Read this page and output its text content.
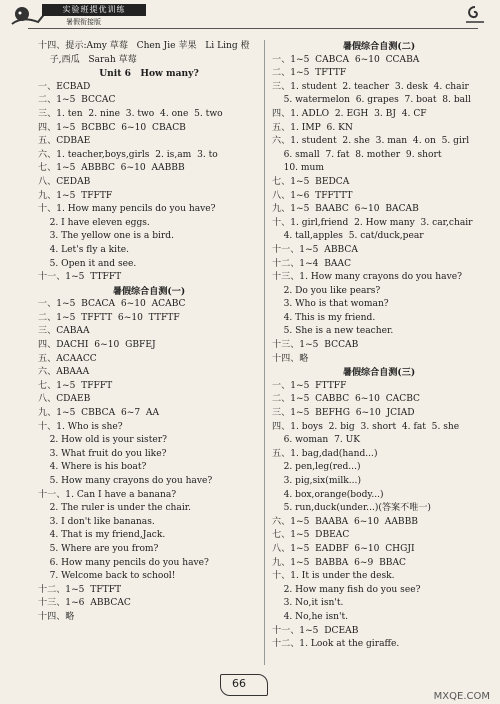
实验班提优训练
暑假衔接版
十四、提示:Amy 草莓   Chen Jie 苹果   Li Ling 橙
子,西瓜   Sarah 草莓
Unit 6   How many?
一、ECBAD
二、1~5  BCCAC
三、1. ten  2. nine  3. two  4. one  5. two
四、1~5  BCBBC  6~10  CBACB
五、CDBAE
六、1. teacher,boys,girls  2. is,am  3. to
七、1~5  ABBBC  6~10  AABBB
八、CEDAB
九、1~5  TFFTF
十、1. How many pencils do you have?
2. I have eleven eggs.
3. The yellow one is a bird.
4. Let's fly a kite.
5. Open it and see.
十一、1~5  TTFFT
暑假综合自测(一)
一、1~5  BCACA  6~10  ACABC
二、1~5  TFFTT  6~10  TTFTF
三、CABAA
四、DACHI  6~10  GBFEJ
五、ACAACC
六、ABAAA
七、1~5  TFFFT
八、CDAEB
九、1~5  CBBCA  6~7  AA
十、1. Who is she?
2. How old is your sister?
3. What fruit do you like?
4. Where is his boat?
5. How many crayons do you have?
十一、1. Can I have a banana?
2. The ruler is under the chair.
3. I don't like bananas.
4. That is my friend,Jack.
5. Where are you from?
6. How many pencils do you have?
7. Welcome back to school!
十二、1~5  TFTFT
十三、1~6  ABBCAC
十四、略
暑假综合自测(二)
一、1~5  CABCA  6~10  CCABA
二、1~5  TFTTF
三、1. student  2. teacher  3. desk  4. chair
5. watermelon  6. grapes  7. boat  8. ball
四、1. ADLO  2. EGH  3. BJ  4. CF
五、1. IMP  6. KN
六、1. student  2. she  3. man  4. on  5. girl
6. small  7. fat  8. mother  9. short
10. mum
七、1~5  BEDCA
八、1~6  TFFTTT
九、1~5  BAABC  6~10  BACAB
十、1. girl,friend  2. How many  3. car,chair
4. tall,apples  5. cat/duck,pear
十一、1~5  ABBCA
十二、1~4  BAAC
十三、1. How many crayons do you have?
2. Do you like pears?
3. Who is that woman?
4. This is my friend.
5. She is a new teacher.
十三、1~5  BCCAB
十四、略
暑假综合自测(三)
一、1~5  FTTFF
二、1~5  CABBC  6~10  CACBC
三、1~5  BEFHG  6~10  JCIAD
四、1. boys  2. big  3. short  4. fat  5. she
6. woman  7. UK
五、1. bag,dad(hand...)
2. pen,leg(red...)
3. pig,six(milk...)
4. box,orange(body...)
5. run,duck(under...)(答案不唯一)
六、1~5  BAABA  6~10  AABBB
七、1~5  DBEAC
八、1~5  EADBF  6~10  CHGJI
九、1~5  BABBA  6~9  BBAC
十、1. It is under the desk.
2. How many fish do you see?
3. No,it isn't.
4. No,he isn't.
十一、1~5  DCEAB
十二、1. Look at the giraffe.
66
MXQE.COM
